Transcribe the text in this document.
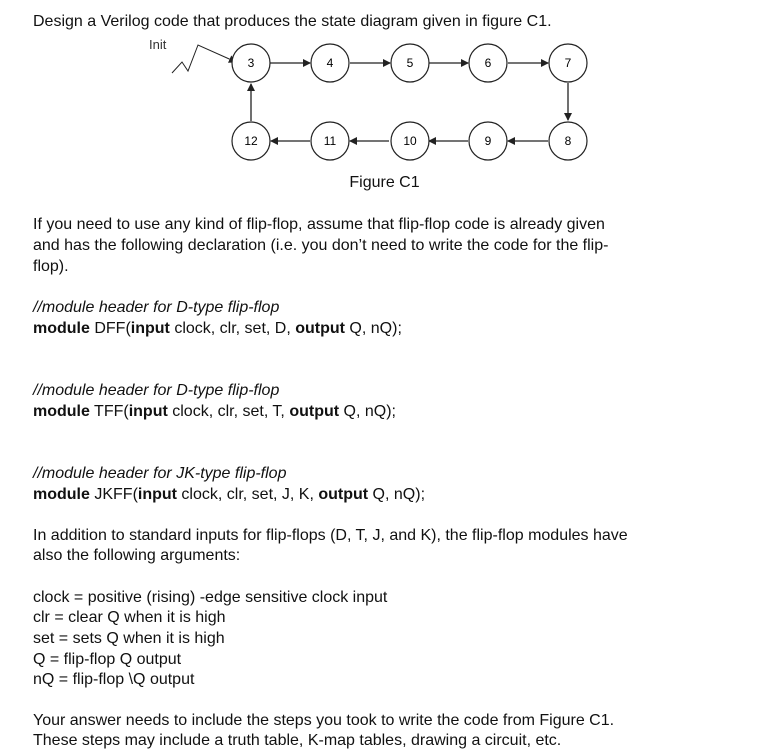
Design a Verilog code that produces the state diagram given in figure C1.
Init
3	4	5	6	7
12	11	10	9	8
Figure C1
If you need to use any kind of flip-flop, assume that flip-flop code is already given
and has the following declaration (i.e. you don’t need to write the code for the flip-
flop).
//module header for D-type flip-flop
module DFF(input clock, clr, set, D, output Q, nQ);
//module header for D-type flip-flop
module TFF(input clock, clr, set, T, output Q, nQ);
//module header for JK-type flip-flop
module JKFF(input clock, clr, set, J, K, output Q, nQ);
In addition to standard inputs for flip-flops (D, T, J, and K), the flip-flop modules have
also the following arguments:
clock = positive (rising) -edge sensitive clock input
clr = clear Q when it is high
set = sets Q when it is high
Q = flip-flop Q output
nQ = flip-flop \Q output
Your answer needs to include the steps you took to write the code from Figure C1.
These steps may include a truth table, K-map tables, drawing a circuit, etc.
